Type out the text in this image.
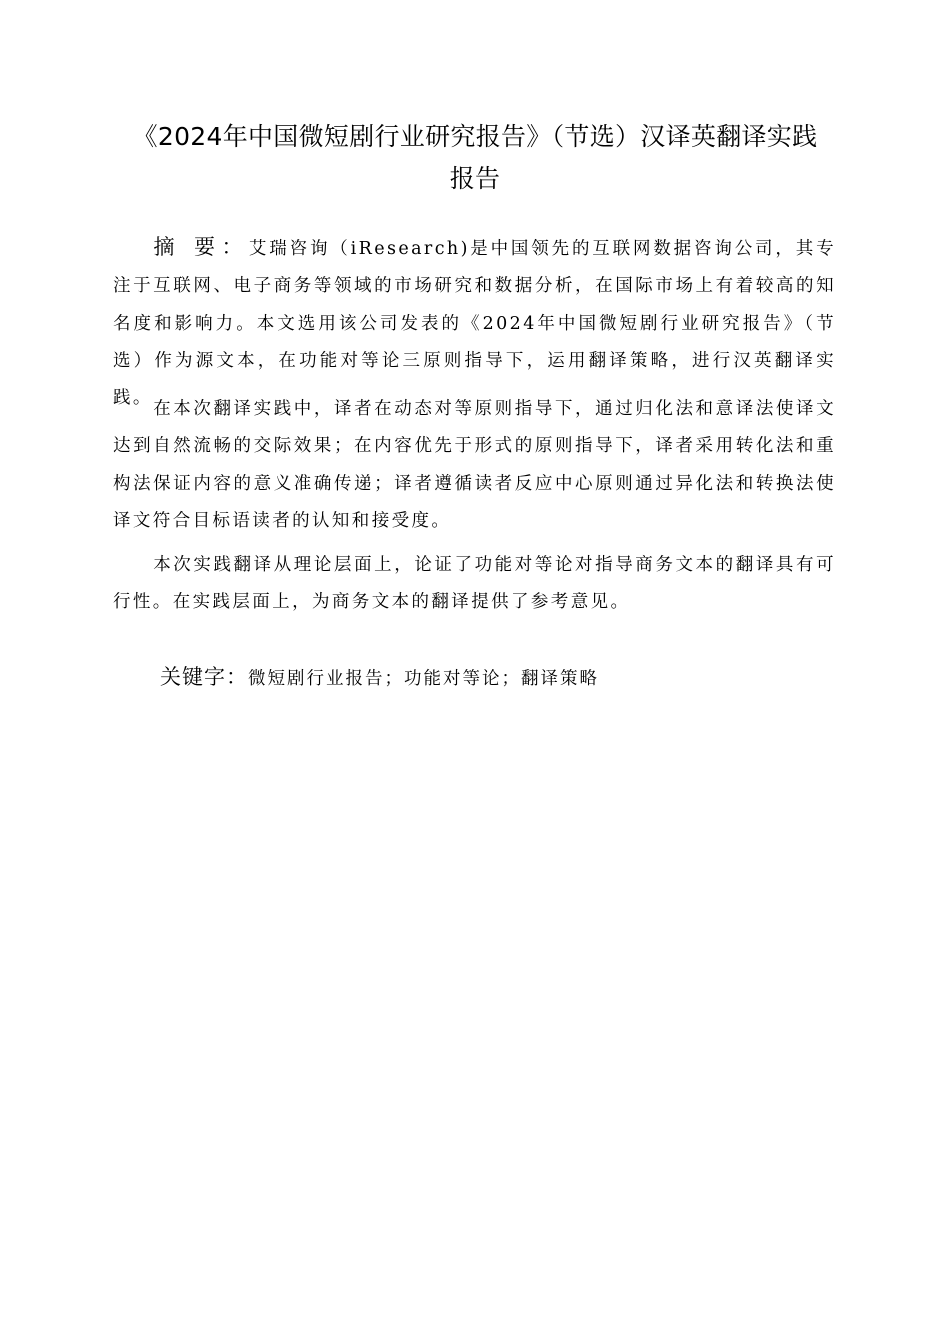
《2024年中国微短剧行业研究报告》（节选）汉译英翻译实践
报告

摘 要：艾瑞咨询（iResearch)是中国领先的互联网数据咨询公司，其专注于互联网、电子商务等领域的市场研究和数据分析，在国际市场上有着较高的知名度和影响力。本文选用该公司发表的《2024年中国微短剧行业研究报告》（节选）作为源文本，在功能对等论三原则指导下，运用翻译策略，进行汉英翻译实践。

在本次翻译实践中，译者在动态对等原则指导下，通过归化法和意译法使译文达到自然流畅的交际效果；在内容优先于形式的原则指导下，译者采用转化法和重构法保证内容的意义准确传递；译者遵循读者反应中心原则通过异化法和转换法使译文符合目标语读者的认知和接受度。

本次实践翻译从理论层面上，论证了功能对等论对指导商务文本的翻译具有可行性。在实践层面上，为商务文本的翻译提供了参考意见。

关键字：微短剧行业报告；功能对等论；翻译策略
